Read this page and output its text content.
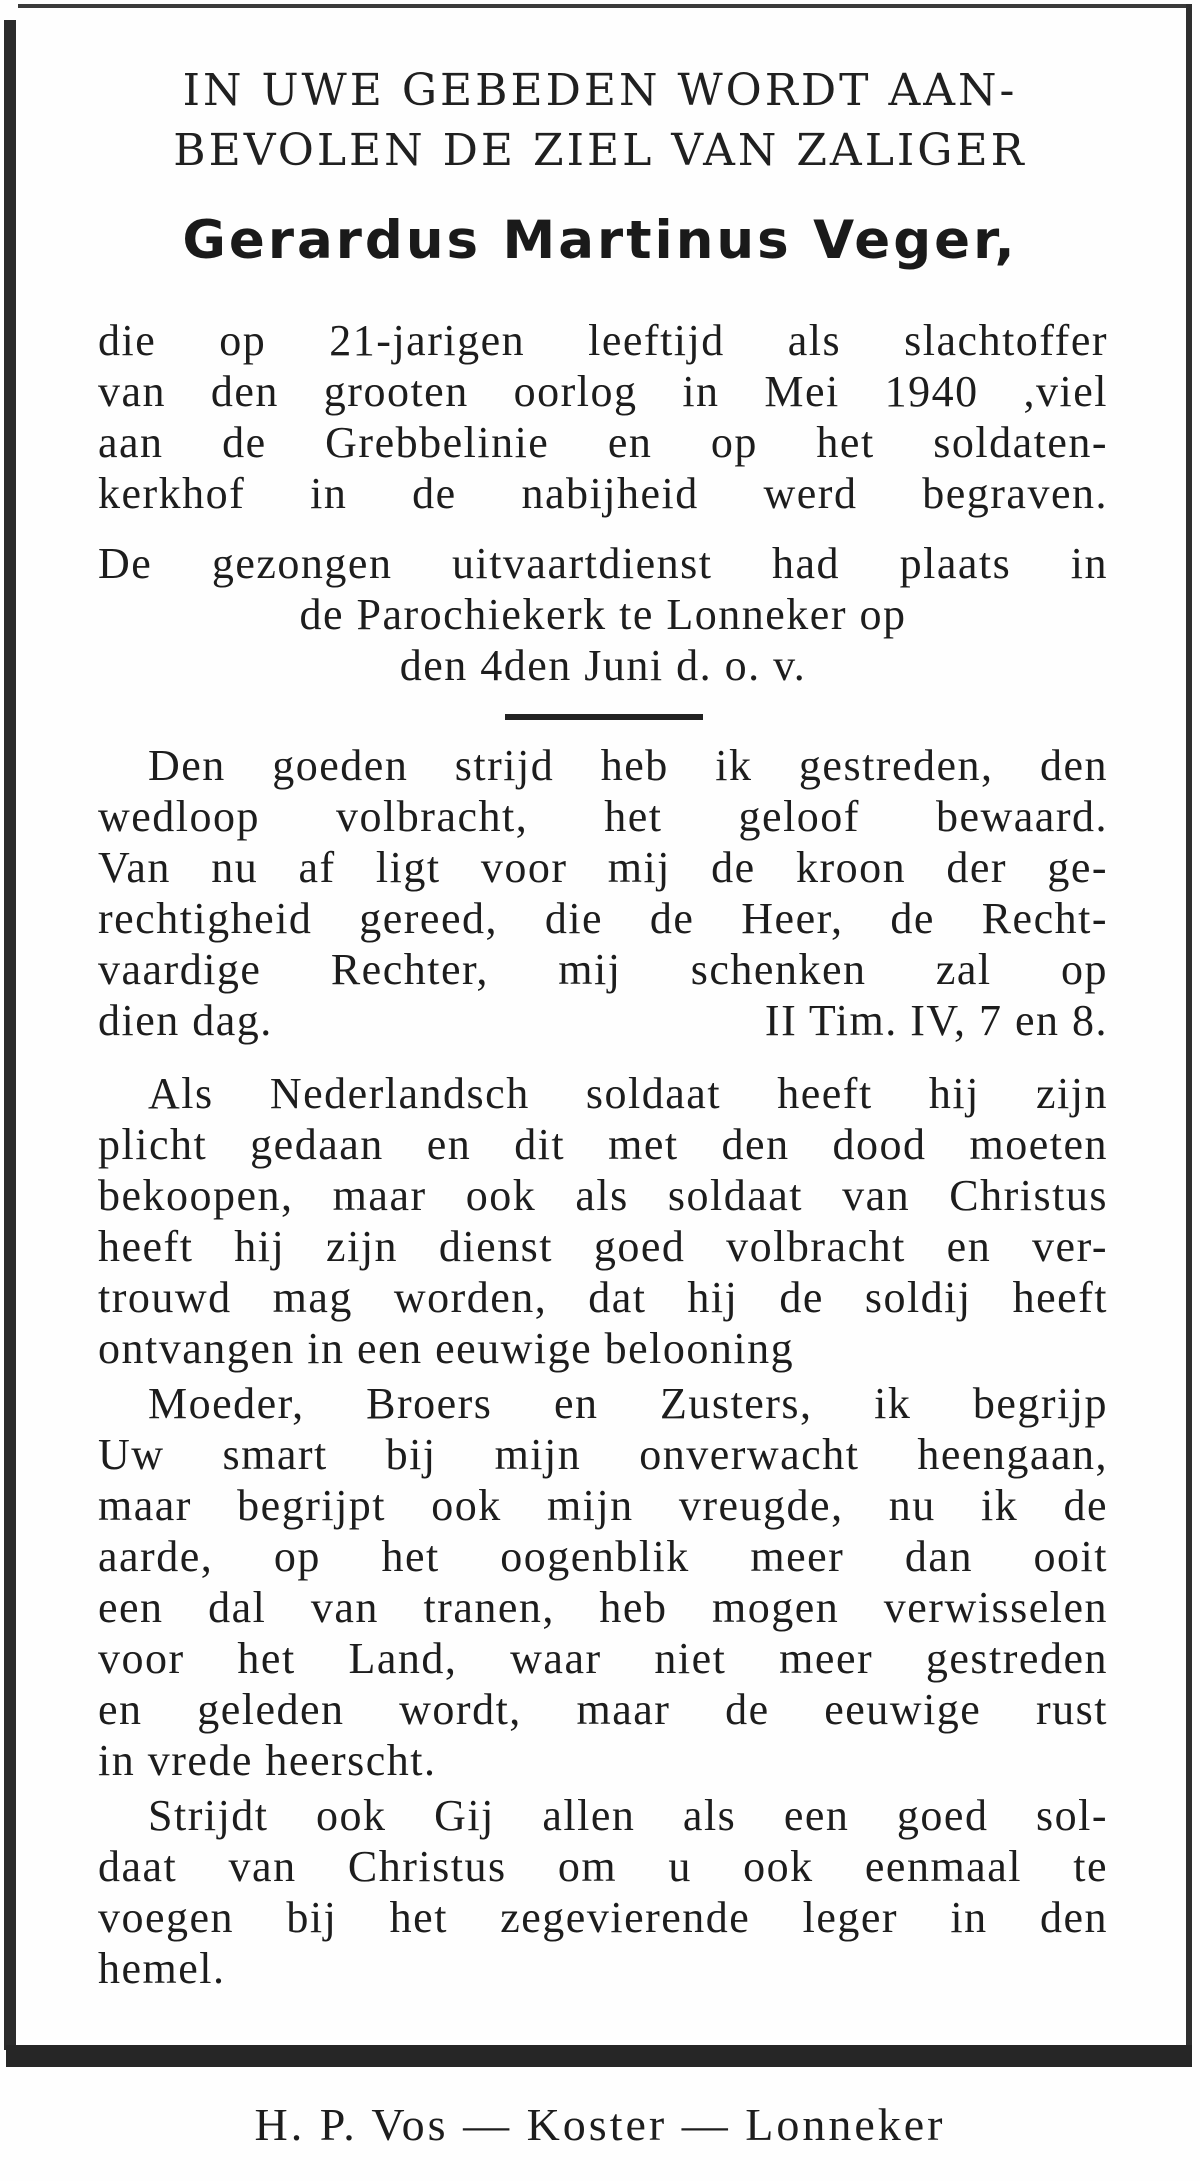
IN UWE GEBEDEN WORDT AAN-
BEVOLEN DE ZIEL VAN ZALIGER
Gerardus Martinus Veger,
die op 21-jarigen leeftijd als slachtoffer
van den grooten oorlog in Mei 1940 ,viel
aan de Grebbelinie en op het soldaten-
kerkhof in de nabijheid werd begraven.
De gezongen uitvaartdienst had plaats in
de Parochiekerk te Lonneker op
den 4den Juni d. o. v.
Den goeden strijd heb ik gestreden, den
wedloop volbracht, het geloof bewaard.
Van nu af ligt voor mij de kroon der ge-
rechtigheid gereed, die de Heer, de Recht-
vaardige Rechter, mij schenken zal op
dien dag.	II Tim. IV, 7 en 8.
Als Nederlandsch soldaat heeft hij zijn
plicht gedaan en dit met den dood moeten
bekoopen, maar ook als soldaat van Christus
heeft hij zijn dienst goed volbracht en ver-
trouwd mag worden, dat hij de soldij heeft
ontvangen in een eeuwige belooning
Moeder, Broers en Zusters, ik begrijp
Uw smart bij mijn onverwacht heengaan,
maar begrijpt ook mijn vreugde, nu ik de
aarde, op het oogenblik meer dan ooit
een dal van tranen, heb mogen verwisselen
voor het Land, waar niet meer gestreden
en geleden wordt, maar de eeuwige rust
in vrede heerscht.
Strijdt ook Gij allen als een goed sol-
daat van Christus om u ook eenmaal te
voegen bij het zegevierende leger in den
hemel.
H. P. Vos — Koster — Lonneker
